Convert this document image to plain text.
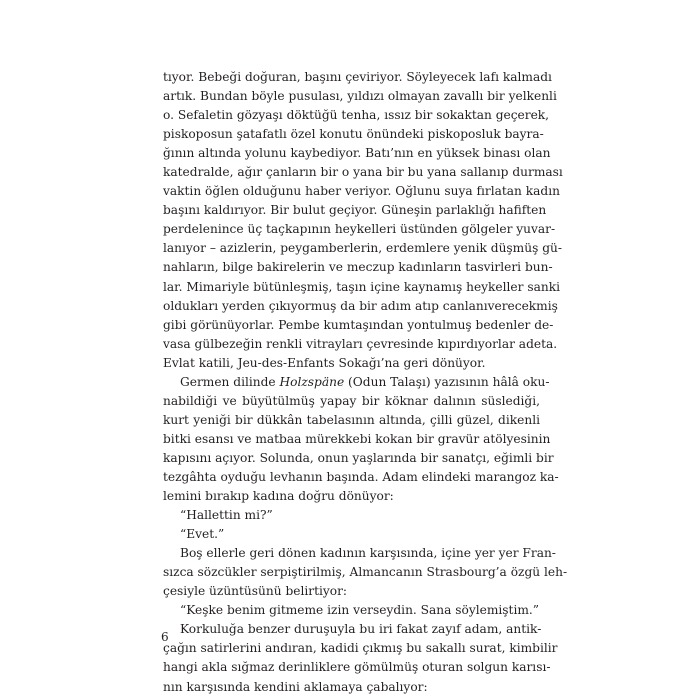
tıyor. Bebeği doğuran, başını çeviriyor. Söyleyecek lafı kalmadı
artık. Bundan böyle pusulası, yıldızı olmayan zavallı bir yelkenli
o. Sefaletin gözyaşı döktüğü tenha, ıssız bir sokaktan geçerek,
piskoposun şatafatlı özel konutu önündeki piskoposluk bayra-
ğının altında yolunu kaybediyor. Batı’nın en yüksek binası olan
katedralde, ağır çanların bir o yana bir bu yana sallanıp durması
vaktin öğlen olduğunu haber veriyor. Oğlunu suya fırlatan kadın
başını kaldırıyor. Bir bulut geçiyor. Güneşin parlaklığı hafiften
perdelenince üç taçkapının heykelleri üstünden gölgeler yuvar-
lanıyor – azizlerin, peygamberlerin, erdemlere yenik düşmüş gü-
nahların, bilge bakirelerin ve meczup kadınların tasvirleri bun-
lar. Mimariyle bütünleşmiş, taşın içine kaynamış heykeller sanki
oldukları yerden çıkıyormuş da bir adım atıp canlanıverecekmiş
gibi görünüyorlar. Pembe kumtaşından yontulmuş bedenler de-
vasa gülbezeğin renkli vitrayları çevresinde kıpırdıyorlar adeta.
Evlat katili, Jeu-des-Enfants Sokağı’na geri dönüyor.
Germen dilinde Holzspäne (Odun Talaşı) yazısının hâlâ oku-
nabildiği ve büyütülmüş yapay bir köknar dalının süslediği,
kurt yeniği bir dükkân tabelasının altında, çilli güzel, dikenli
bitki esansı ve matbaa mürekkebi kokan bir gravür atölyesinin
kapısını açıyor. Solunda, onun yaşlarında bir sanatçı, eğimli bir
tezgâhta oyduğu levhanın başında. Adam elindeki marangoz ka-
lemini bırakıp kadına doğru dönüyor:
“Hallettin mi?”
“Evet.”
Boş ellerle geri dönen kadının karşısında, içine yer yer Fran-
sızca sözcükler serpiştirilmiş, Almancanın Strasbourg’a özgü leh-
çesiyle üzüntüsünü belirtiyor:
“Keşke benim gitmeme izin verseydin. Sana söylemiştim.”
Korkuluğa benzer duruşuyla bu iri fakat zayıf adam, antik-
çağın satirlerini andıran, kadidi çıkmış bu sakallı surat, kimbilir
hangi akla sığmaz derinliklere gömülmüş oturan solgun karısı-
nın karşısında kendini aklamaya çabalıyor:
6
